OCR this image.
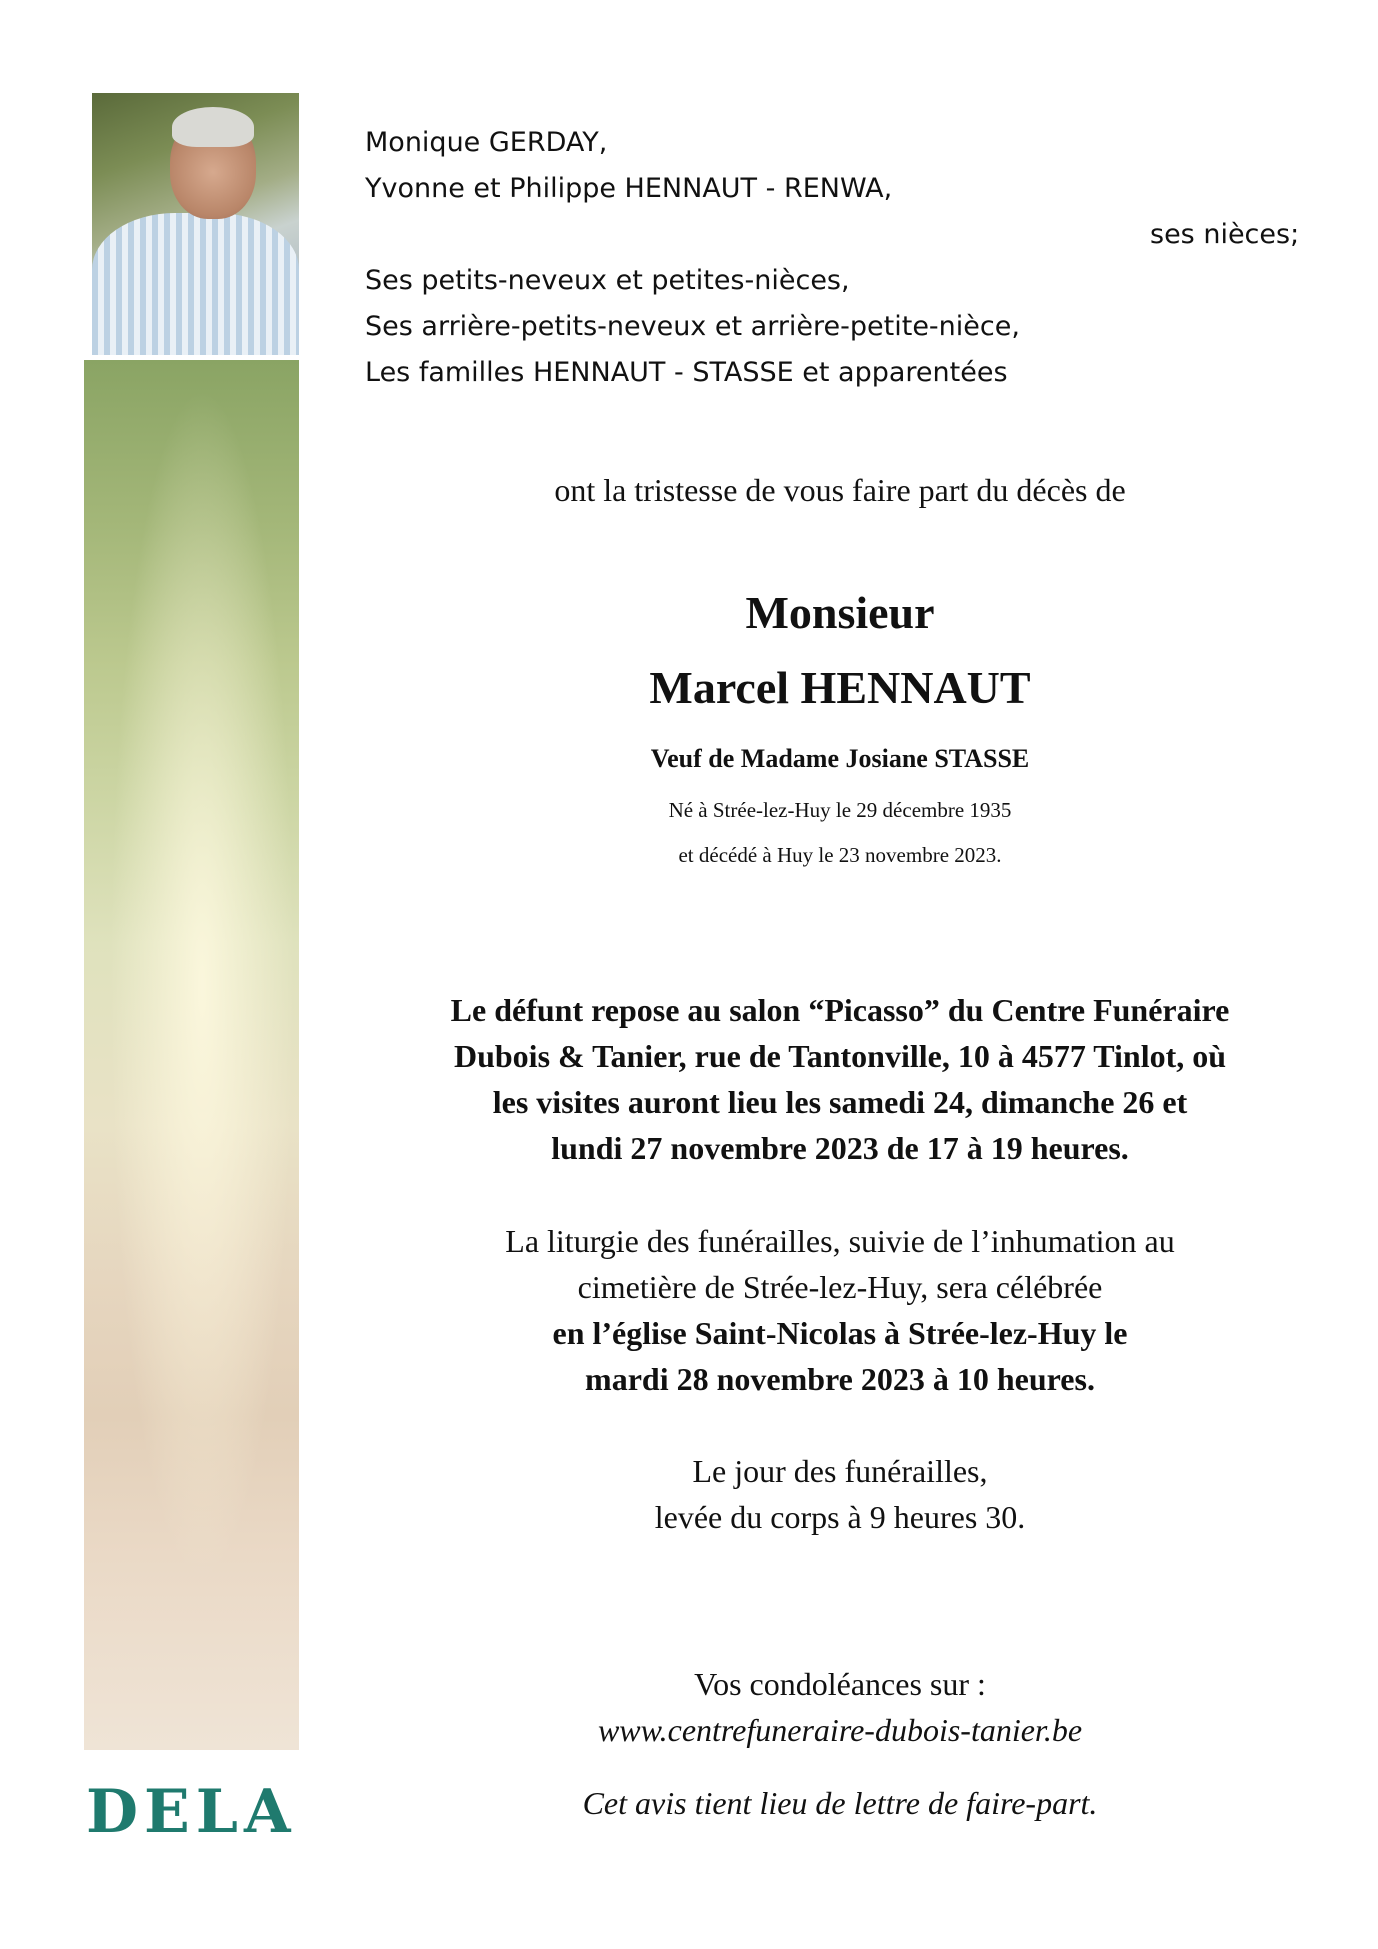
DELA
Monique GERDAY,
Yvonne et Philippe HENNAUT - RENWA,
ses nièces;
Ses petits-neveux et petites-nièces,
Ses arrière-petits-neveux et arrière-petite-nièce,
Les familles HENNAUT - STASSE et apparentées
ont la tristesse de vous faire part du décès de
Monsieur
Marcel HENNAUT
Veuf de Madame Josiane STASSE
Né à Strée-lez-Huy le 29 décembre 1935
et décédé à Huy le 23 novembre 2023.
Le défunt repose au salon “Picasso” du Centre Funéraire
Dubois & Tanier, rue de Tantonville, 10 à 4577 Tinlot, où
les visites auront lieu les samedi 24, dimanche 26 et
lundi 27 novembre 2023 de 17 à 19 heures.
La liturgie des funérailles, suivie de l’inhumation au
cimetière de Strée-lez-Huy, sera célébrée
en l’église Saint-Nicolas à Strée-lez-Huy le
mardi 28 novembre 2023 à 10 heures.
Le jour des funérailles,
levée du corps à 9 heures 30.
Vos condoléances sur :
www.centrefuneraire-dubois-tanier.be
Cet avis tient lieu de lettre de faire-part.
